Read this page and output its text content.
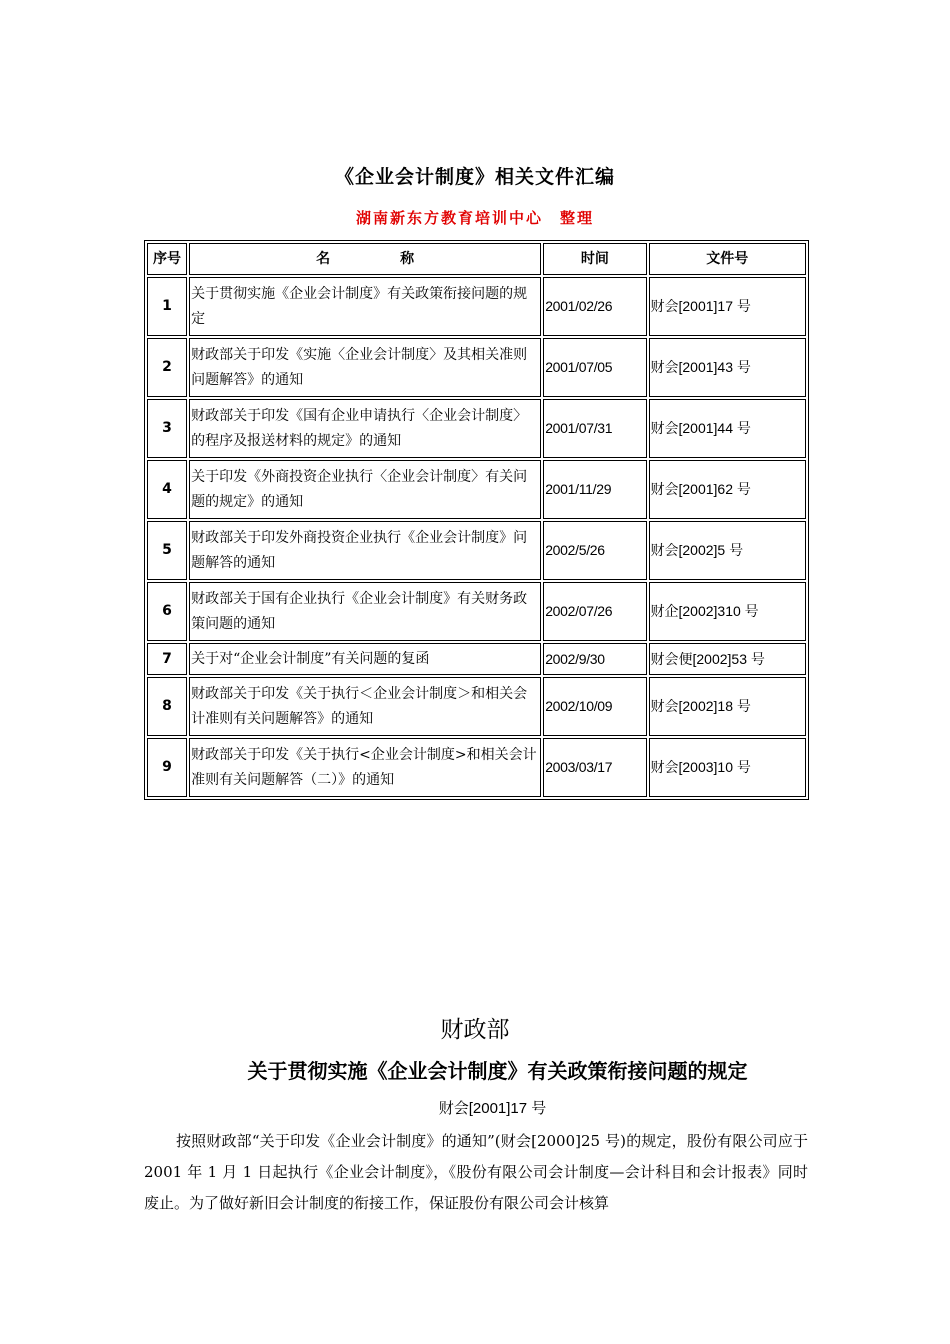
《企业会计制度》相关文件汇编
湖南新东方教育培训中心　整理
序号	名　　　　　称	时间	文件号
1	关于贯彻实施《企业会计制度》有关政策衔接问题的规定	2001/02/26	财会[2001]17 号
2	财政部关于印发《实施〈企业会计制度〉及其相关准则问题解答》的通知	2001/07/05	财会[2001]43 号
3	财政部关于印发《国有企业申请执行〈企业会计制度〉的程序及报送材料的规定》的通知	2001/07/31	财会[2001]44 号
4	关于印发《外商投资企业执行〈企业会计制度〉有关问题的规定》的通知	2001/11/29	财会[2001]62 号
5	财政部关于印发外商投资企业执行《企业会计制度》问题解答的通知	2002/5/26	财会[2002]5 号
6	财政部关于国有企业执行《企业会计制度》有关财务政策问题的通知	2002/07/26	财企[2002]310 号
7	关于对“企业会计制度”有关问题的复函	2002/9/30	财会便[2002]53 号
8	财政部关于印发《关于执行＜企业会计制度＞和相关会计准则有关问题解答》的通知	2002/10/09	财会[2002]18 号
9	财政部关于印发《关于执行<企业会计制度>和相关会计准则有关问题解答（二）》的通知	2003/03/17	财会[2003]10 号
财政部
关于贯彻实施《企业会计制度》有关政策衔接问题的规定
财会[2001]17 号
按照财政部“关于印发《企业会计制度》的通知”(财会[2000]25 号)的规定，股份有限公司应于 2001 年 1 月 1 日起执行《企业会计制度》，《股份有限公司会计制度—会计科目和会计报表》同时废止。为了做好新旧会计制度的衔接工作，保证股份有限公司会计核算
